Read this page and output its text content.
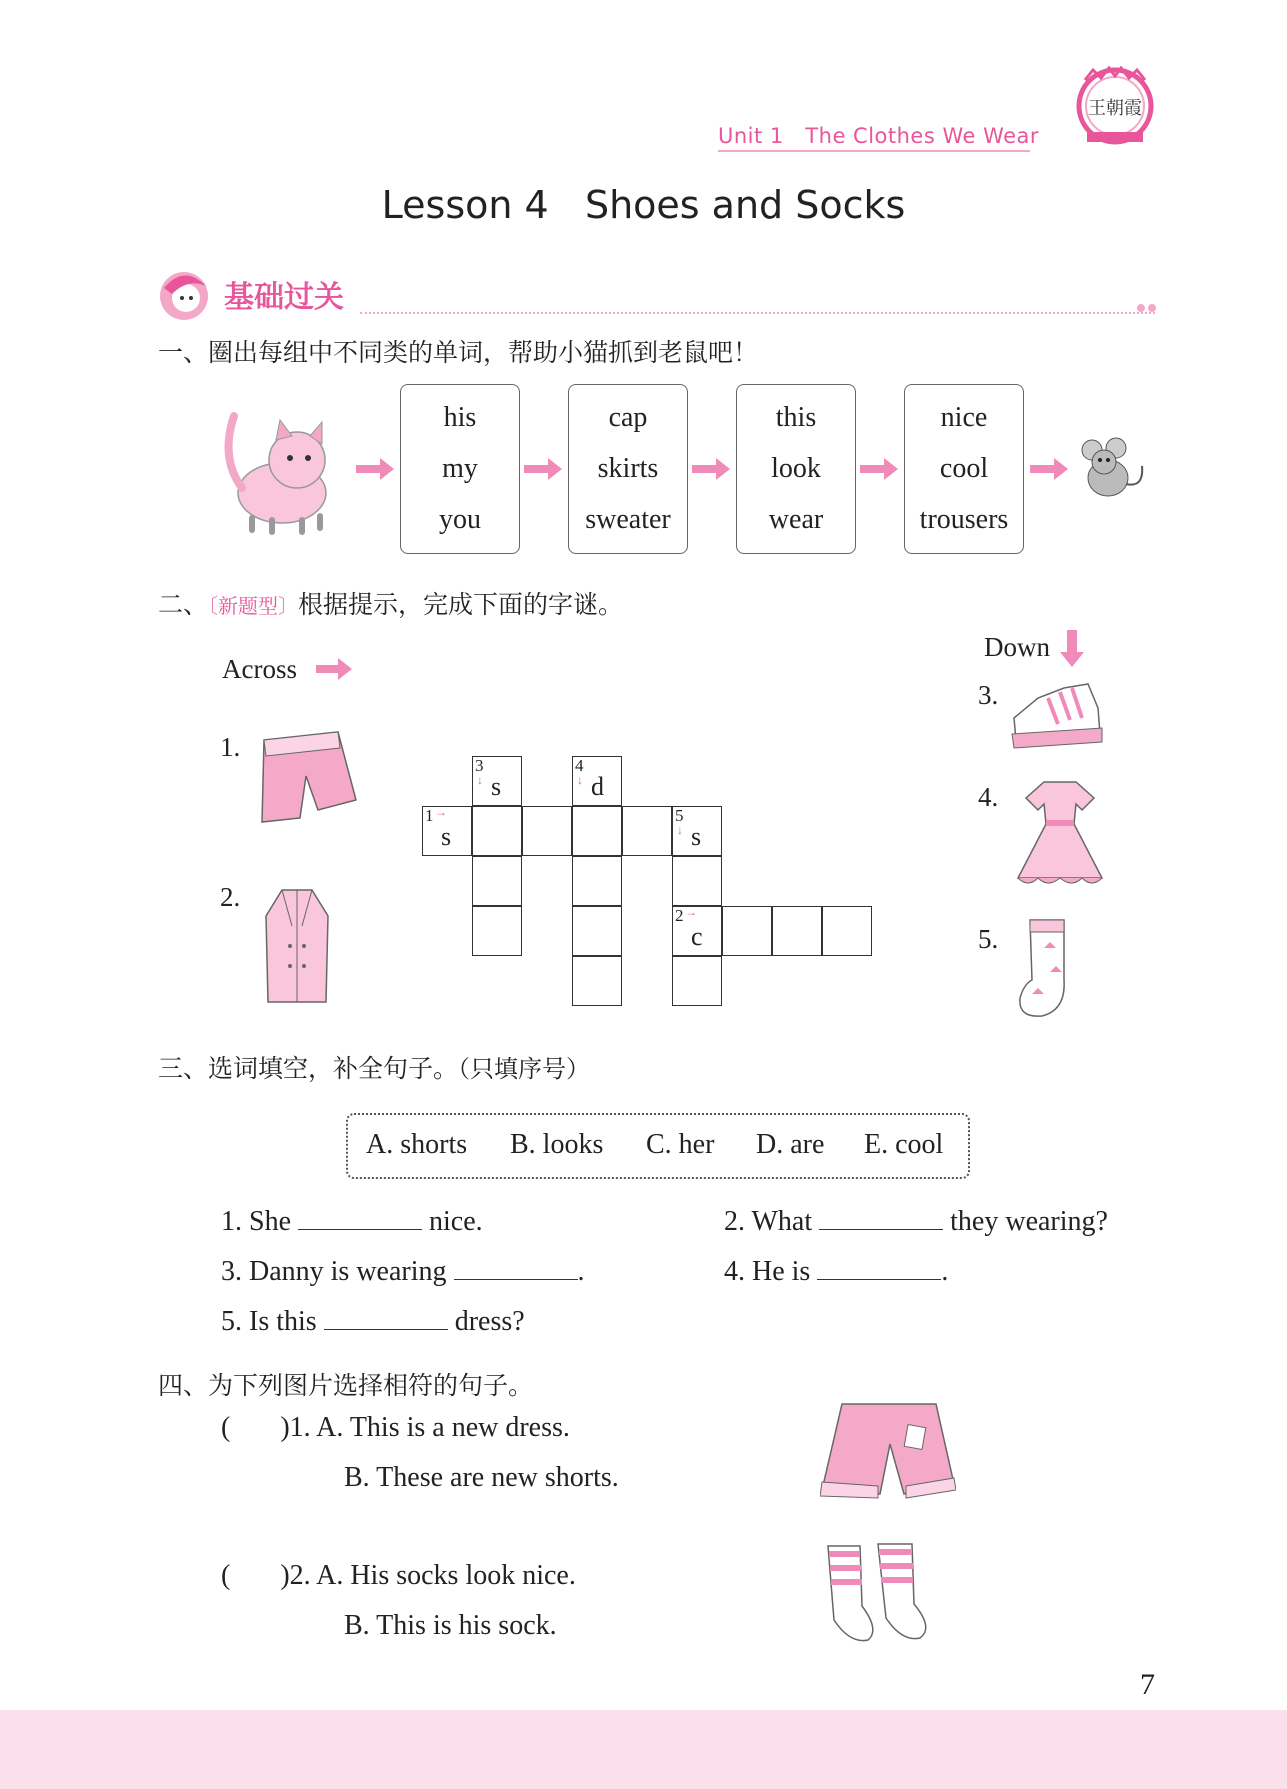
Unit 1   The Clothes We Wear
王朝霞
Lesson 4   Shoes and Socks
基础过关
一、圈出每组中不同类的单词，帮助小猫抓到老鼠吧！
his
my
you
cap
skirts
sweater
this
look
wear
nice
cool
trousers
二、〔新题型〕根据提示，完成下面的字谜。
Across
Down
1.
2.
3
↓ s
4
↓ d
1 →
s
5
↓ s
2 →
c
3.
4.
5.
三、选词填空，补全句子。（只填序号）
A. shorts B. looks C. her D. are E. cool
1. She	nice.	2. What	they wearing?
3. Danny is wearing	.	4. He is	.
5. Is this	dress?
四、为下列图片选择相符的句子。
( )1. A. This is a new dress.
B. These are new shorts.
( )2. A. His socks look nice.
B. This is his sock.
7
